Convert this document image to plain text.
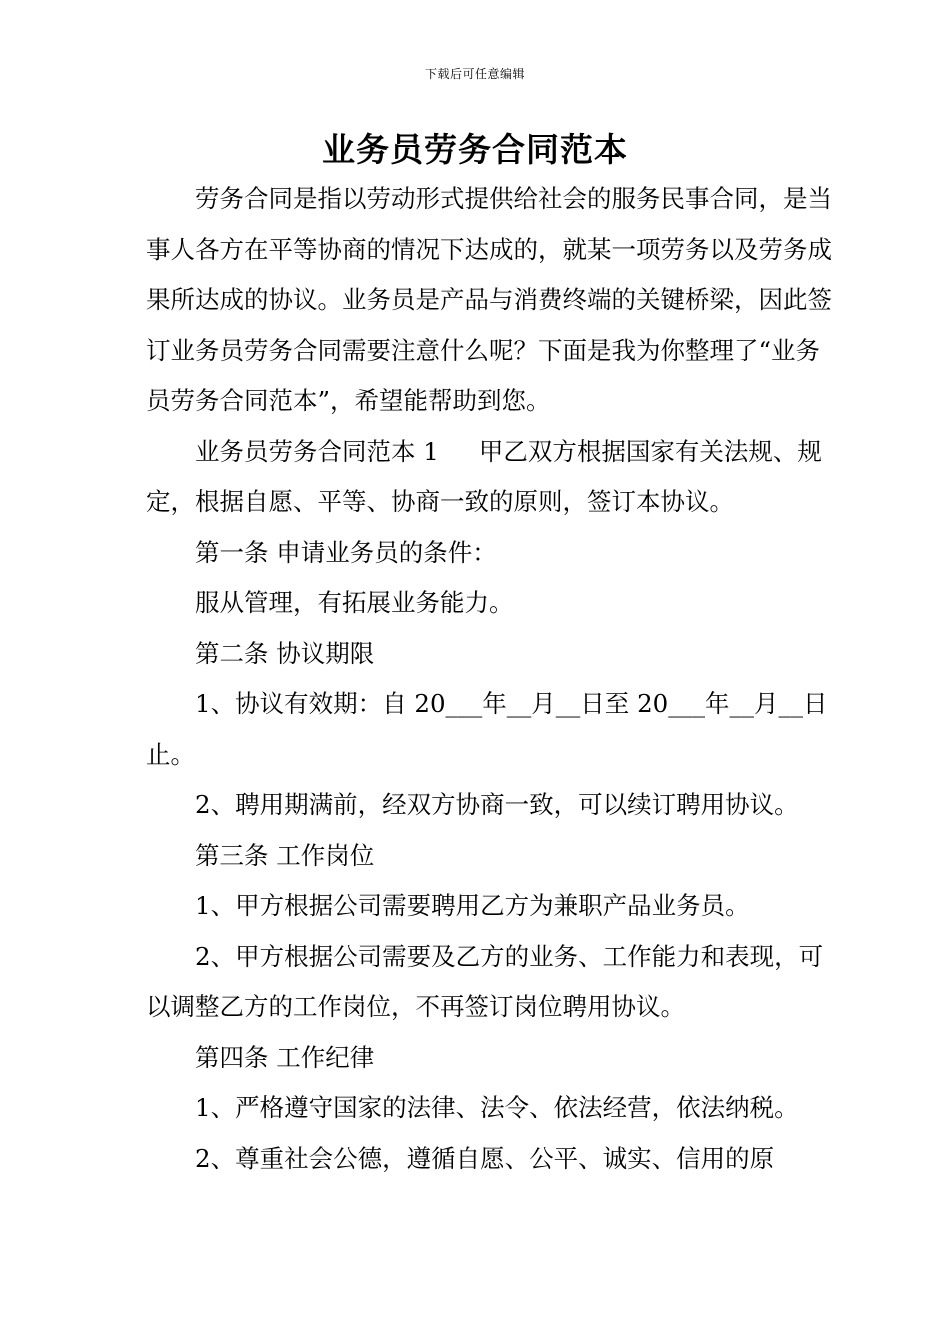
下载后可任意编辑
业务员劳务合同范本

劳务合同是指以劳动形式提供给社会的服务民事合同，是当事人各方在平等协商的情况下达成的，就某一项劳务以及劳务成果所达成的协议。业务员是产品与消费终端的关键桥梁，因此签订业务员劳务合同需要注意什么呢？下面是我为你整理了“业务员劳务合同范本”，希望能帮助到您。

业务员劳务合同范本 1 甲乙双方根据国家有关法规、规定，根据自愿、平等、协商一致的原则，签订本协议。

第一条 申请业务员的条件：

服从管理，有拓展业务能力。

第二条 协议期限

1、协议有效期：自 20___年__月__日至 20___年__月__日止。

2、聘用期满前，经双方协商一致，可以续订聘用协议。

第三条 工作岗位

1、甲方根据公司需要聘用乙方为兼职产品业务员。

2、甲方根据公司需要及乙方的业务、工作能力和表现，可以调整乙方的工作岗位，不再签订岗位聘用协议。

第四条 工作纪律

1、严格遵守国家的法律、法令、依法经营，依法纳税。

2、尊重社会公德，遵循自愿、公平、诚实、信用的原
